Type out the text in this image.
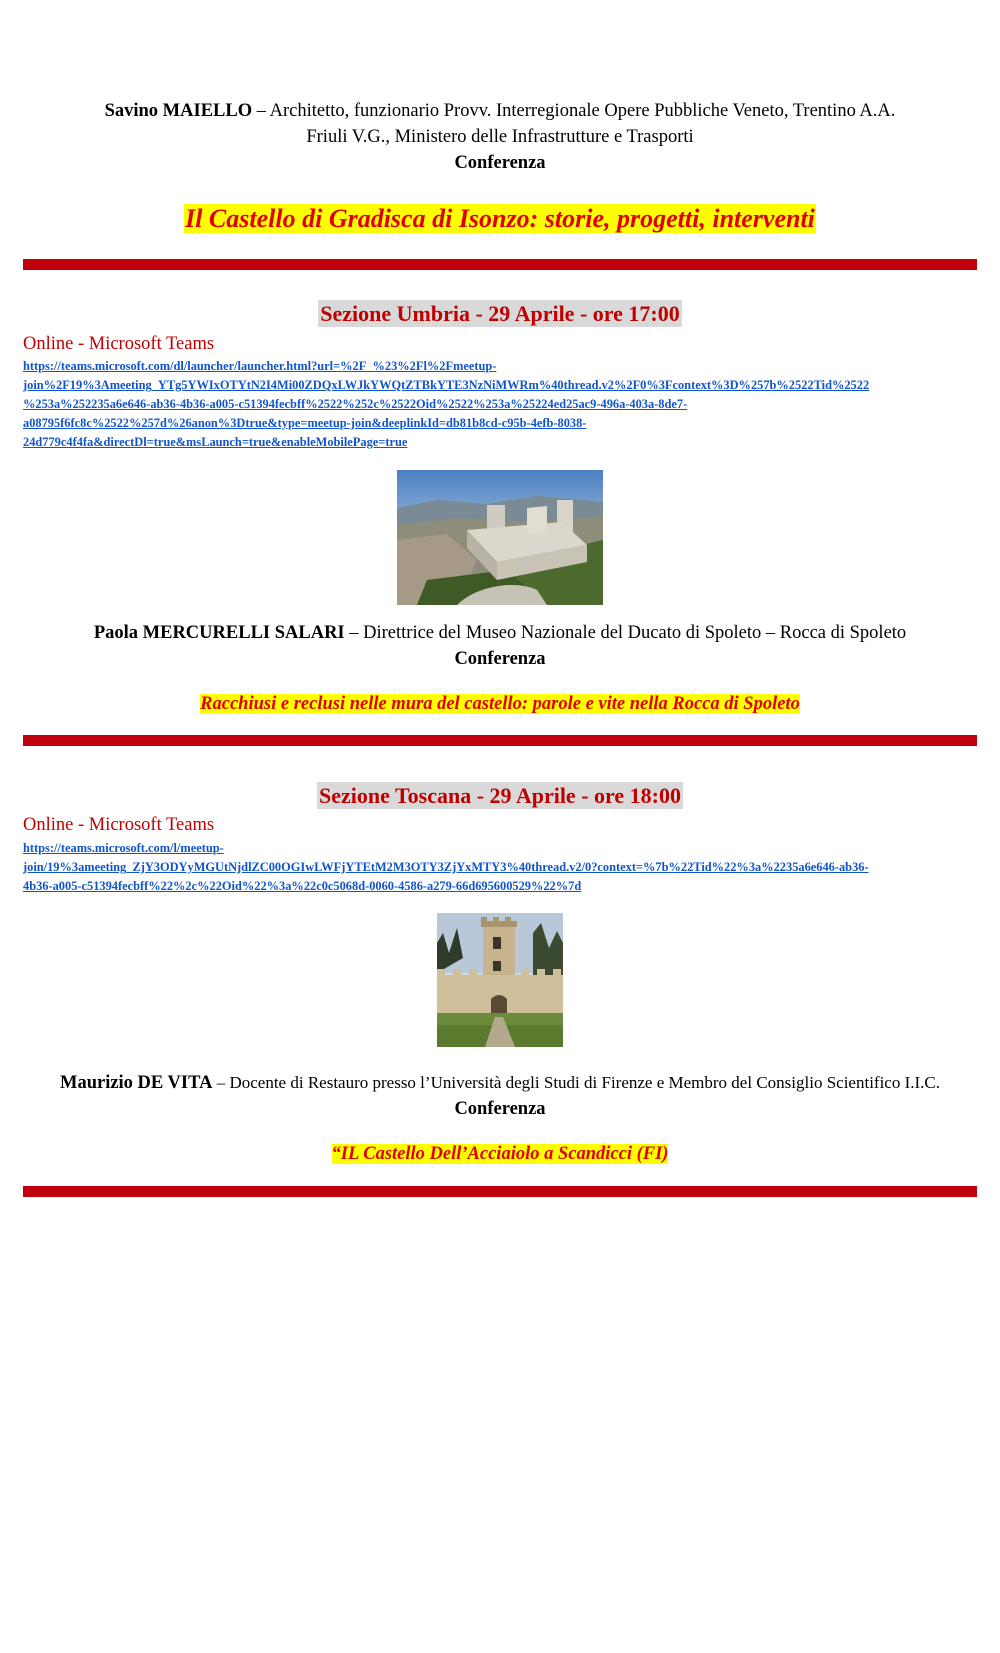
Savino MAIELLO – Architetto, funzionario Provv. Interregionale Opere Pubbliche Veneto, Trentino A.A.
Friuli V.G., Ministero delle Infrastrutture e Trasporti
Conferenza
Il Castello di Gradisca di Isonzo: storie, progetti, interventi
Sezione Umbria - 29 Aprile - ore 17:00
Online - Microsoft Teams
https://teams.microsoft.com/dl/launcher/launcher.html?url=%2F_%23%2Fl%2Fmeetup-
join%2F19%3Ameeting_YTg5YWIxOTYtN2I4Mi00ZDQxLWJkYWQtZTBkYTE3NzNiMWRm%40thread.v2%2F0%3Fcontext%3D%257b%2522Tid%2522
%253a%252235a6e646-ab36-4b36-a005-c51394fecbff%2522%252c%2522Oid%2522%253a%25224ed25ac9-496a-403a-8de7-
a08795f6fc8c%2522%257d%26anon%3Dtrue&type=meetup-join&deeplinkId=db81b8cd-c95b-4efb-8038-
24d779c4f4fa&directDl=true&msLaunch=true&enableMobilePage=true
Paola MERCURELLI SALARI – Direttrice del Museo Nazionale del Ducato di Spoleto – Rocca di Spoleto
Conferenza
Racchiusi e reclusi nelle mura del castello: parole e vite nella Rocca di Spoleto
Sezione Toscana - 29 Aprile - ore 18:00
Online - Microsoft Teams
https://teams.microsoft.com/l/meetup-
join/19%3ameeting_ZjY3ODYyMGUtNjdlZC00OGIwLWFjYTEtM2M3OTY3ZjYxMTY3%40thread.v2/0?context=%7b%22Tid%22%3a%2235a6e646-ab36-
4b36-a005-c51394fecbff%22%2c%22Oid%22%3a%22c0c5068d-0060-4586-a279-66d695600529%22%7d
Maurizio DE VITA – Docente di Restauro presso l’Università degli Studi di Firenze e Membro del Consiglio Scientifico I.I.C.
Conferenza
“IL Castello Dell’Acciaiolo a Scandicci (FI)
